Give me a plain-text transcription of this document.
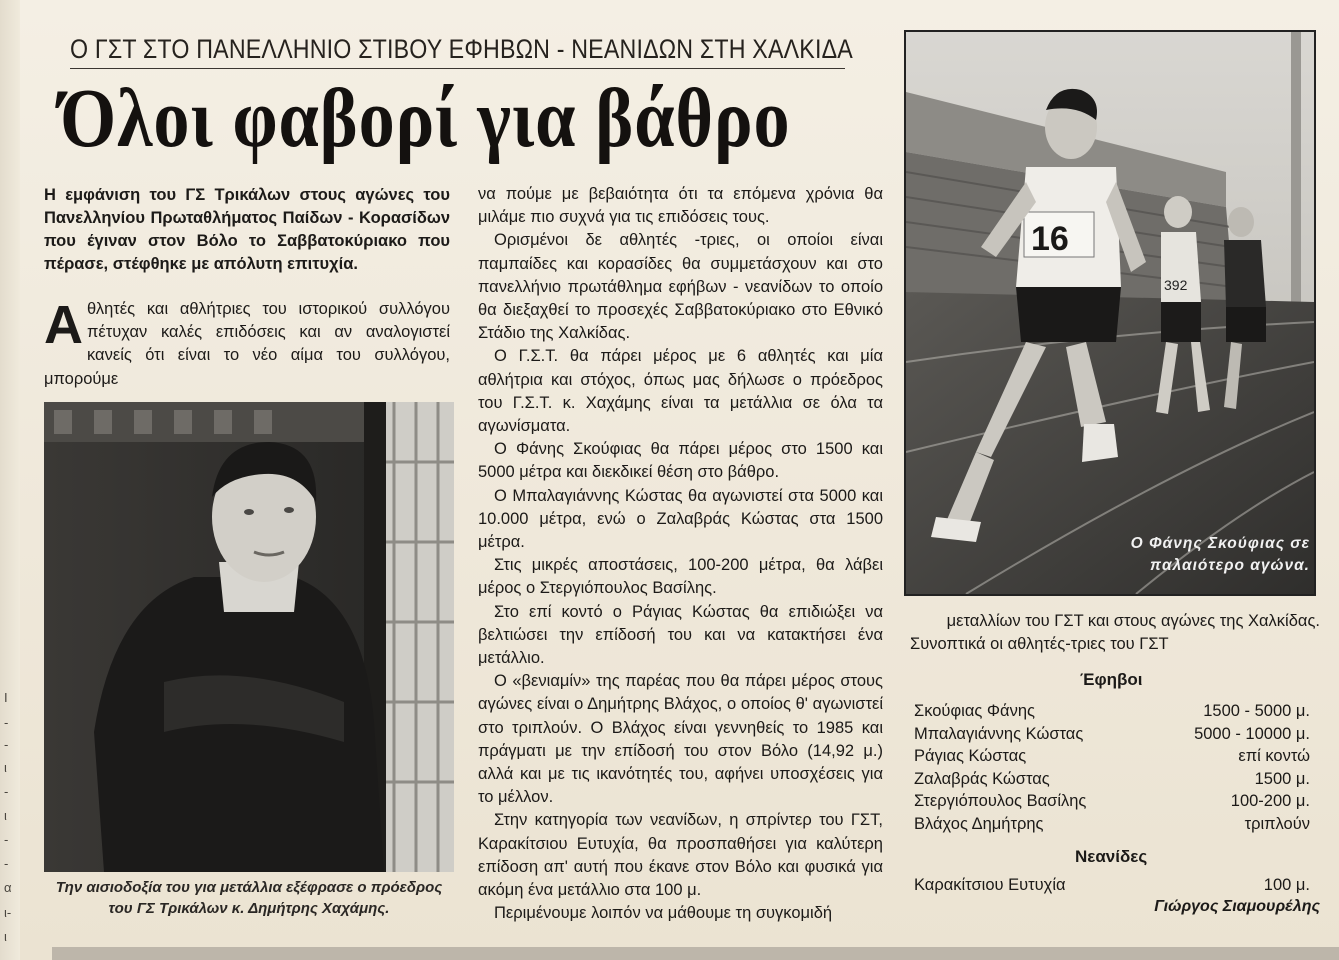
I
-
-
ι
-
ι
-
-
α
ι-
ι
Ο ΓΣΤ ΣΤΟ ΠΑΝΕΛΛΗΝΙΟ ΣΤΙΒΟΥ ΕΦΗΒΩΝ - ΝΕΑΝΙΔΩΝ ΣΤΗ ΧΑΛΚΙΔΑ
Όλοι φαβορί για βάθρο
Η εμφάνιση του ΓΣ Τρικάλων στους αγώνες του Πανελληνίου Πρωταθλήματος Παίδων - Κορασίδων που έγιναν στον Βόλο το Σαββατοκύριακο που πέρασε, στέφθηκε με απόλυτη επιτυχία.

Αθλητές και αθλήτριες του ιστορικού συλλόγου πέτυχαν καλές επιδόσεις και αν αναλογιστεί κανείς ότι είναι το νέο αίμα του συλλόγου, μπορούμε

Την αισιοδοξία του για μετάλλια εξέφρασε ο πρόεδρος του ΓΣ Τρικάλων κ. Δημήτρης Χαχάμης.

να πούμε με βεβαιότητα ότι τα επόμενα χρόνια θα μιλάμε πιο συχνά για τις επιδόσεις τους.

Ορισμένοι δε αθλητές -τριες, οι οποίοι είναι παμπαίδες και κορασίδες θα συμμετάσχουν και στο πανελλήνιο πρωτάθλημα εφήβων - νεανίδων το οποίο θα διεξαχθεί το προσεχές Σαββατοκύριακο στο Εθνικό Στάδιο της Χαλκίδας.

Ο Γ.Σ.Τ. θα πάρει μέρος με 6 αθλητές και μία αθλήτρια και στόχος, όπως μας δήλωσε ο πρόεδρος του Γ.Σ.Τ. κ. Χαχάμης είναι τα μετάλλια σε όλα τα αγωνίσματα.

Ο Φάνης Σκούφιας θα πάρει μέρος στο 1500 και 5000 μέτρα και διεκδικεί θέση στο βάθρο.

Ο Μπαλαγιάννης Κώστας θα αγωνιστεί στα 5000 και 10.000 μέτρα, ενώ ο Ζαλαβράς Κώστας στα 1500 μέτρα.

Στις μικρές αποστάσεις, 100-200 μέτρα, θα λάβει μέρος ο Στεργιόπουλος Βασίλης.

Στο επί κοντό ο Ράγιας Κώστας θα επιδιώξει να βελτιώσει την επίδοσή του και να κατακτήσει ένα μετάλλιο.

Ο «βενιαμίν» της παρέας που θα πάρει μέρος στους αγώνες είναι ο Δημήτρης Βλάχος, ο οποίος θ' αγωνιστεί στο τριπλούν. Ο Βλάχος είναι γεννηθείς το 1985 και πράγματι με την επίδοσή του στον Βόλο (14,92 μ.) αλλά και με τις ικανότητές του, αφήνει υποσχέσεις για το μέλλον.

Στην κατηγορία των νεανίδων, η σπρίντερ του ΓΣΤ, Καρακίτσιου Ευτυχία, θα προσπαθήσει για καλύτερη επίδοση απ' αυτή που έκανε στον Βόλο και φυσικά για ακόμη ένα μετάλλιο στα 100 μ.

Περιμένουμε λοιπόν να μάθουμε τη συγκομιδή

392
16
Ο Φάνης Σκούφιας σε παλαιότερο αγώνα.
μεταλλίων του ΓΣΤ και στους αγώνες της Χαλκίδας.
Συνοπτικά οι αθλητές-τριες του ΓΣΤ
Έφηβοι
Σκούφιας Φάνης	1500 - 5000 μ.
Μπαλαγιάννης Κώστας	5000 - 10000 μ.
Ράγιας Κώστας	επί κοντώ
Ζαλαβράς Κώστας	1500 μ.
Στεργιόπουλος Βασίλης	100-200 μ.
Βλάχος Δημήτρης	τριπλούν
Νεανίδες
Καρακίτσιου Ευτυχία	100 μ.
Γιώργος Σιαμουρέλης
